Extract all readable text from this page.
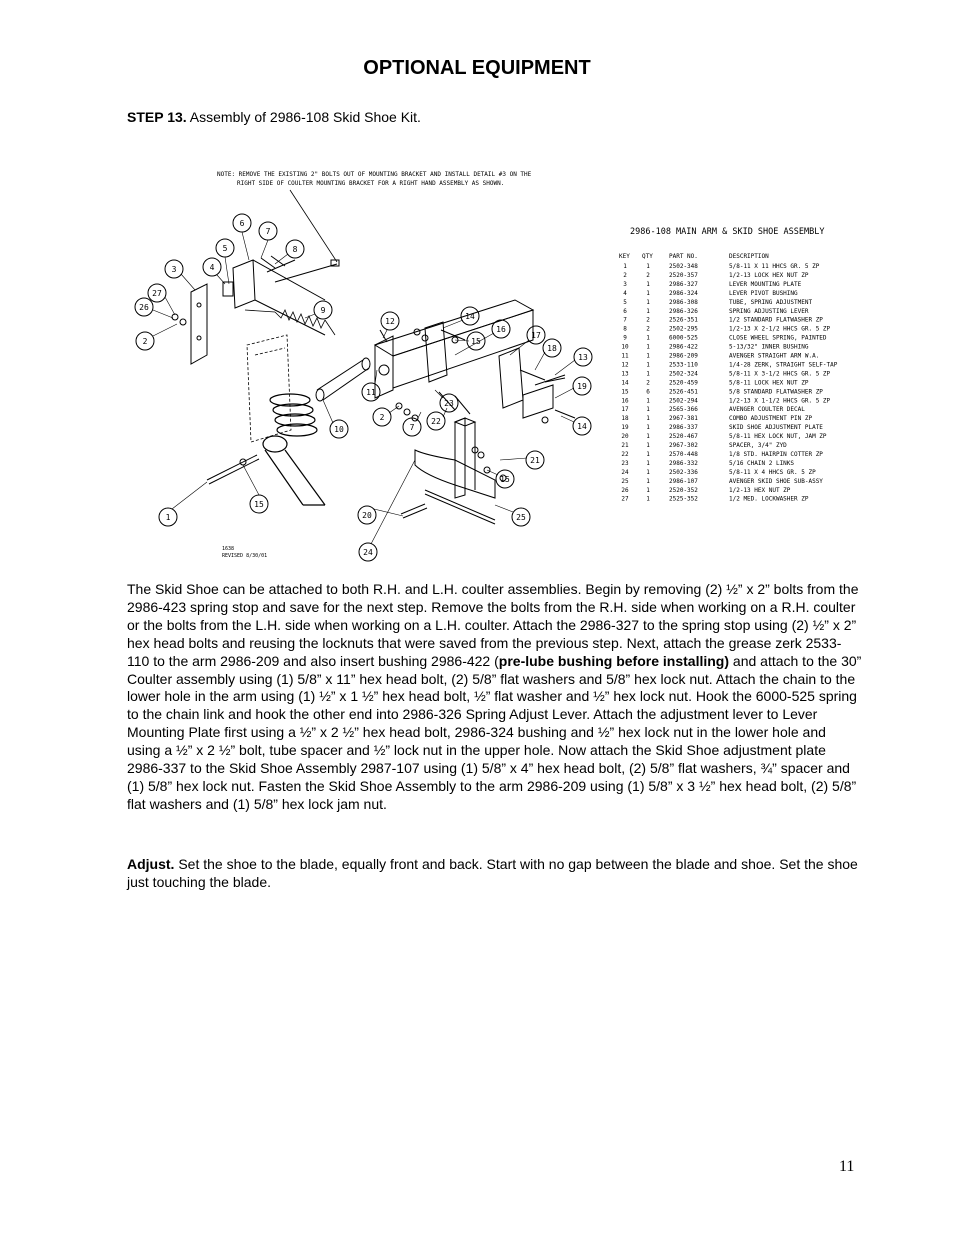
OPTIONAL EQUIPMENT
STEP 13. Assembly of 2986-108 Skid Shoe Kit.
NOTE: REMOVE THE EXISTING 2" BOLTS OUT OF MOUNTING BRACKET AND INSTALL DETAIL #3 ON THE
RIGHT SIDE OF COULTER MOUNTING BRACKET FOR A RIGHT HAND ASSEMBLY AS SHOWN.
6
7
5	8
3	4
27
26
2
9
12
14
15
16
17
18
13
19
11
2
7
22
23
10	14
21
15
1
15
20	25
24
1638
REVISED 8/30/01
2986-108 MAIN ARM & SKID SHOE ASSEMBLY
KEY QTY	PART NO.	DESCRIPTION
1	1	2502-348	5/8-11 X 11 HHCS GR. 5 ZP
2	2	2520-357	1/2-13 LOCK HEX NUT ZP
3	1	2986-327	LEVER MOUNTING PLATE
4	1	2986-324	LEVER PIVOT BUSHING
5	1	2986-308	TUBE, SPRING ADJUSTMENT
6	1	2986-326	SPRING ADJUSTING LEVER
7	2	2526-351	1/2 STANDARD FLATWASHER ZP
8	2	2502-295	1/2-13 X 2-1/2 HHCS GR. 5 ZP
9	1	6000-525	CLOSE WHEEL SPRING, PAINTED
10	1	2986-422	5-13/32" INNER BUSHING
11	1	2986-209	AVENGER STRAIGHT ARM W.A.
12	1	2533-110	1/4-28 ZERK, STRAIGHT SELF-TAP
13	1	2502-324	5/8-11 X 3-1/2 HHCS GR. 5 ZP
14	2	2520-459	5/8-11 LOCK HEX NUT ZP
15	6	2526-451	5/8 STANDARD FLATWASHER ZP
16	1	2502-294	1/2-13 X 1-1/2 HHCS GR. 5 ZP
17	1	2565-366	AVENGER COULTER DECAL
18	1	2967-381	COMBO ADJUSTMENT PIN ZP
19	1	2986-337	SKID SHOE ADJUSTMENT PLATE
20	1	2520-467	5/8-11 HEX LOCK NUT, JAM ZP
21	1	2967-302	SPACER, 3/4" ZYD
22	1	2570-448	1/8 STD. HAIRPIN COTTER ZP
23	1	2986-332	5/16 CHAIN 2 LINKS
24	1	2502-336	5/8-11 X 4 HHCS GR. 5 ZP
25	1	2986-107	AVENGER SKID SHOE SUB-ASSY
26	1	2520-352	1/2-13 HEX NUT ZP
27	1	2525-352	1/2 MED. LOCKWASHER ZP
The Skid Shoe can be attached to both R.H. and L.H. coulter assemblies. Begin by removing (2) ½” x 2” bolts from the 2986-423 spring stop and save for the next step. Remove the bolts from the R.H. side when working on a R.H. coulter or the bolts from the L.H. side when working on a L.H. coulter. Attach the 2986-327 to the spring stop using (2) ½” x 2” hex head bolts and reusing the locknuts that were saved from the previous step. Next, attach the grease zerk 2533-110 to the arm 2986-209 and also insert bushing 2986-422 (pre-lube bushing before installing) and attach to the 30” Coulter assembly using (1) 5/8” x 11” hex head bolt, (2) 5/8” flat washers and 5/8” hex lock nut. Attach the chain to the lower hole in the arm using (1) ½” x 1 ½” hex head bolt, ½” flat washer and ½” hex lock nut. Hook the 6000-525 spring to the chain link and hook the other end into 2986-326 Spring Adjust Lever. Attach the adjustment lever to Lever Mounting Plate first using a ½” x 2 ½” hex head bolt, 2986-324 bushing and ½” hex lock nut in the lower hole and using a ½” x 2 ½” bolt, tube spacer and ½” lock nut in the upper hole. Now attach the Skid Shoe adjustment plate 2986-337 to the Skid Shoe Assembly 2987-107 using (1) 5/8” x 4” hex head bolt, (2) 5/8” flat washers, ¾” spacer and (1) 5/8” hex lock nut. Fasten the Skid Shoe Assembly to the arm 2986-209 using (1) 5/8” x 3 ½” hex head bolt, (2) 5/8” flat washers and (1) 5/8” hex lock jam nut.
Adjust. Set the shoe to the blade, equally front and back. Start with no gap between the blade and shoe. Set the shoe just touching the blade.
11
